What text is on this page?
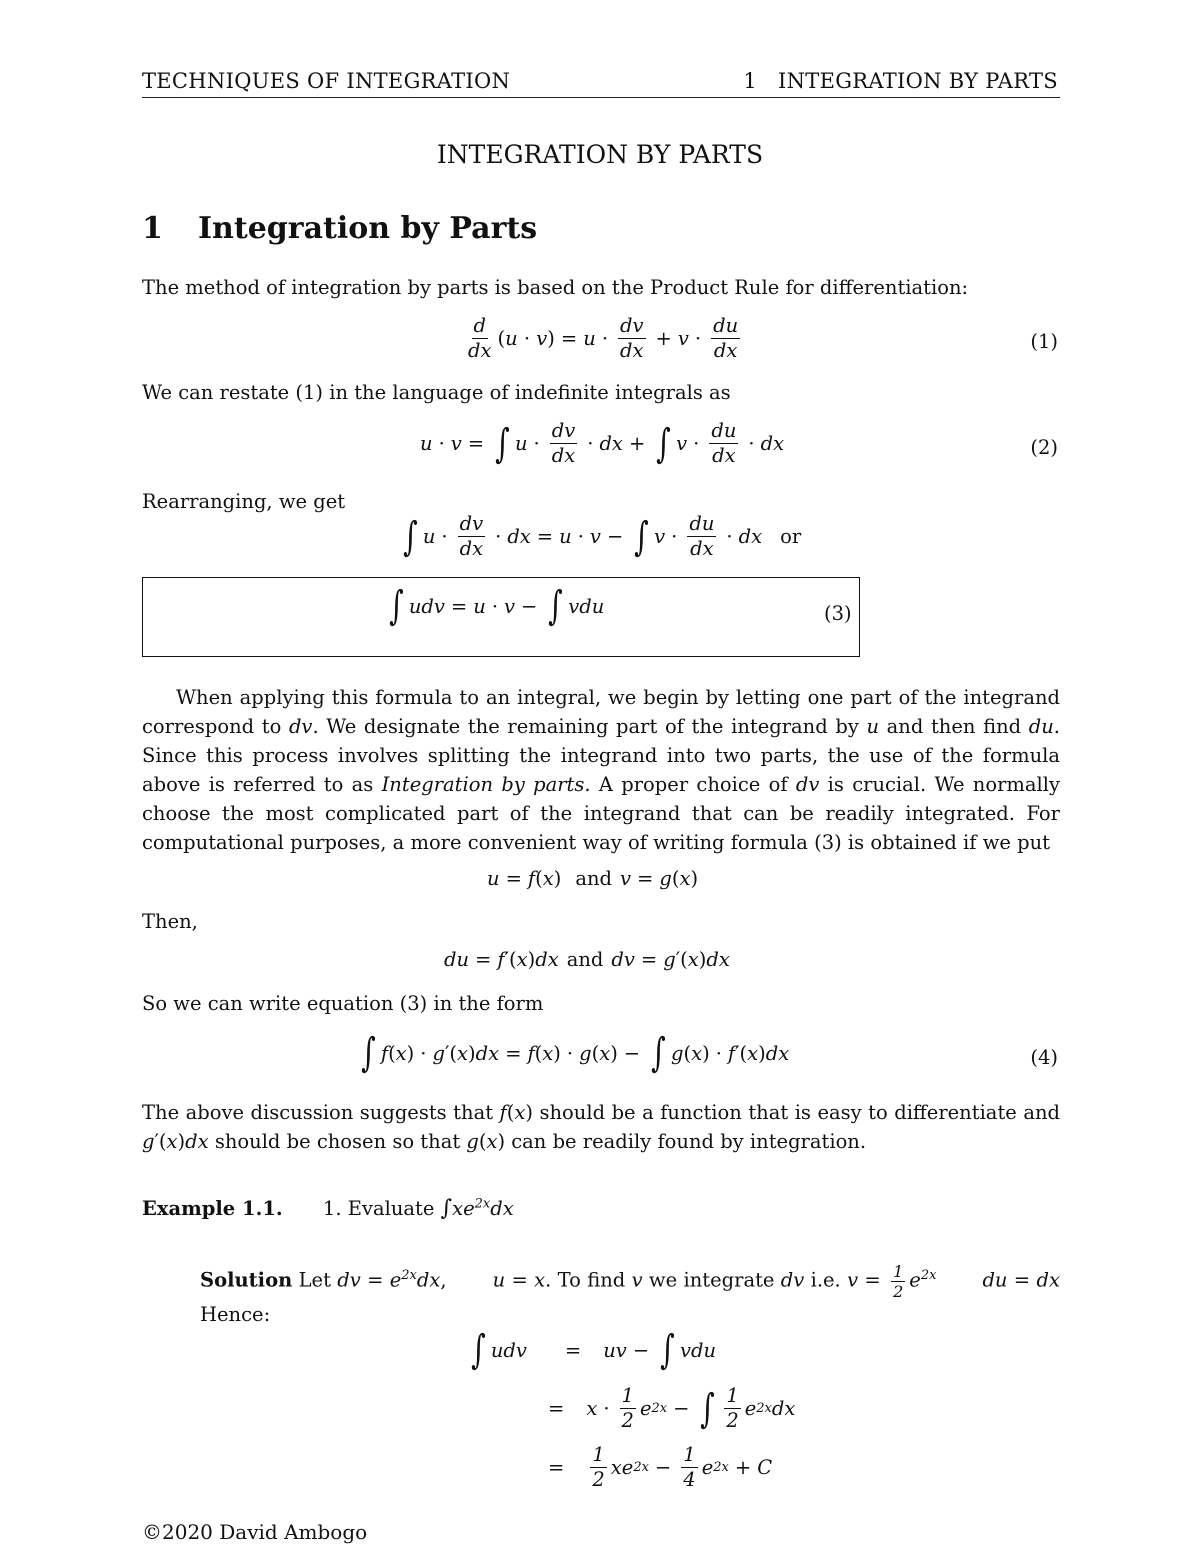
TECHNIQUES OF INTEGRATION	1   INTEGRATION BY PARTS
INTEGRATION BY PARTS
1 Integration by Parts
The method of integration by parts is based on the Product Rule for differentiation:
$\frac{d}{dx} (u \cdot v) = u \cdot \frac{dv}{dx} + v \cdot \frac{du}{dx}$	(1)
We can restate (1) in the language of indefinite integrals as
u · v = ∫ $u \cdot \frac{dv}{dx}$ · dx + ∫ $v \cdot \frac{du}{dx}$ · dx	(2)
Rearranging, we get
∫ $u \cdot \frac{dv}{dx}$ · dx = u · v − ∫ $v \cdot \frac{du}{dx}$ · dx or
∫ udv = u · v − ∫ vdu	(3)
When applying this formula to an integral, we begin by letting one part of the integrand correspond to dv. We designate the remaining part of the integrand by u and then find du. Since this process involves splitting the integrand into two parts, the use of the formula above is referred to as Integration by parts. A proper choice of dv is crucial. We normally choose the most complicated part of the integrand that can be readily integrated. For computational purposes, a more convenient way of writing formula (3) is obtained if we put
u = f ( x ) and v = g ( x )
Then,
du = f ′( x ) dx and dv = g ′( x ) dx
So we can write equation (3) in the form
∫ f ( x ) · g ′( x ) dx = f ( x ) · g ( x ) − ∫ g ( x ) · f ′( x ) dx	(4)
The above discussion suggests that f(x) should be a function that is easy to differentiate and g′(x)dx should be chosen so that g(x) can be readily found by integration.
Example 1.1. 1. Evaluate $\int xe^{2x}dx$
Solution Let dv = $e^{2x}dx$, u = x. To find v we integrate dv i.e. $v = \frac{1}{2} e^{2x}$ du = dx Hence:
∫ udv = uv − ∫ vdu
= $x \cdot \frac{1}{2}$ e 2x − ∫ $\frac{1}{2}$ e 2x dx
= $\frac{1}{2}$ xe $2x - \frac{1}{4}$ e 2x + C
©2020 David Ambogo
